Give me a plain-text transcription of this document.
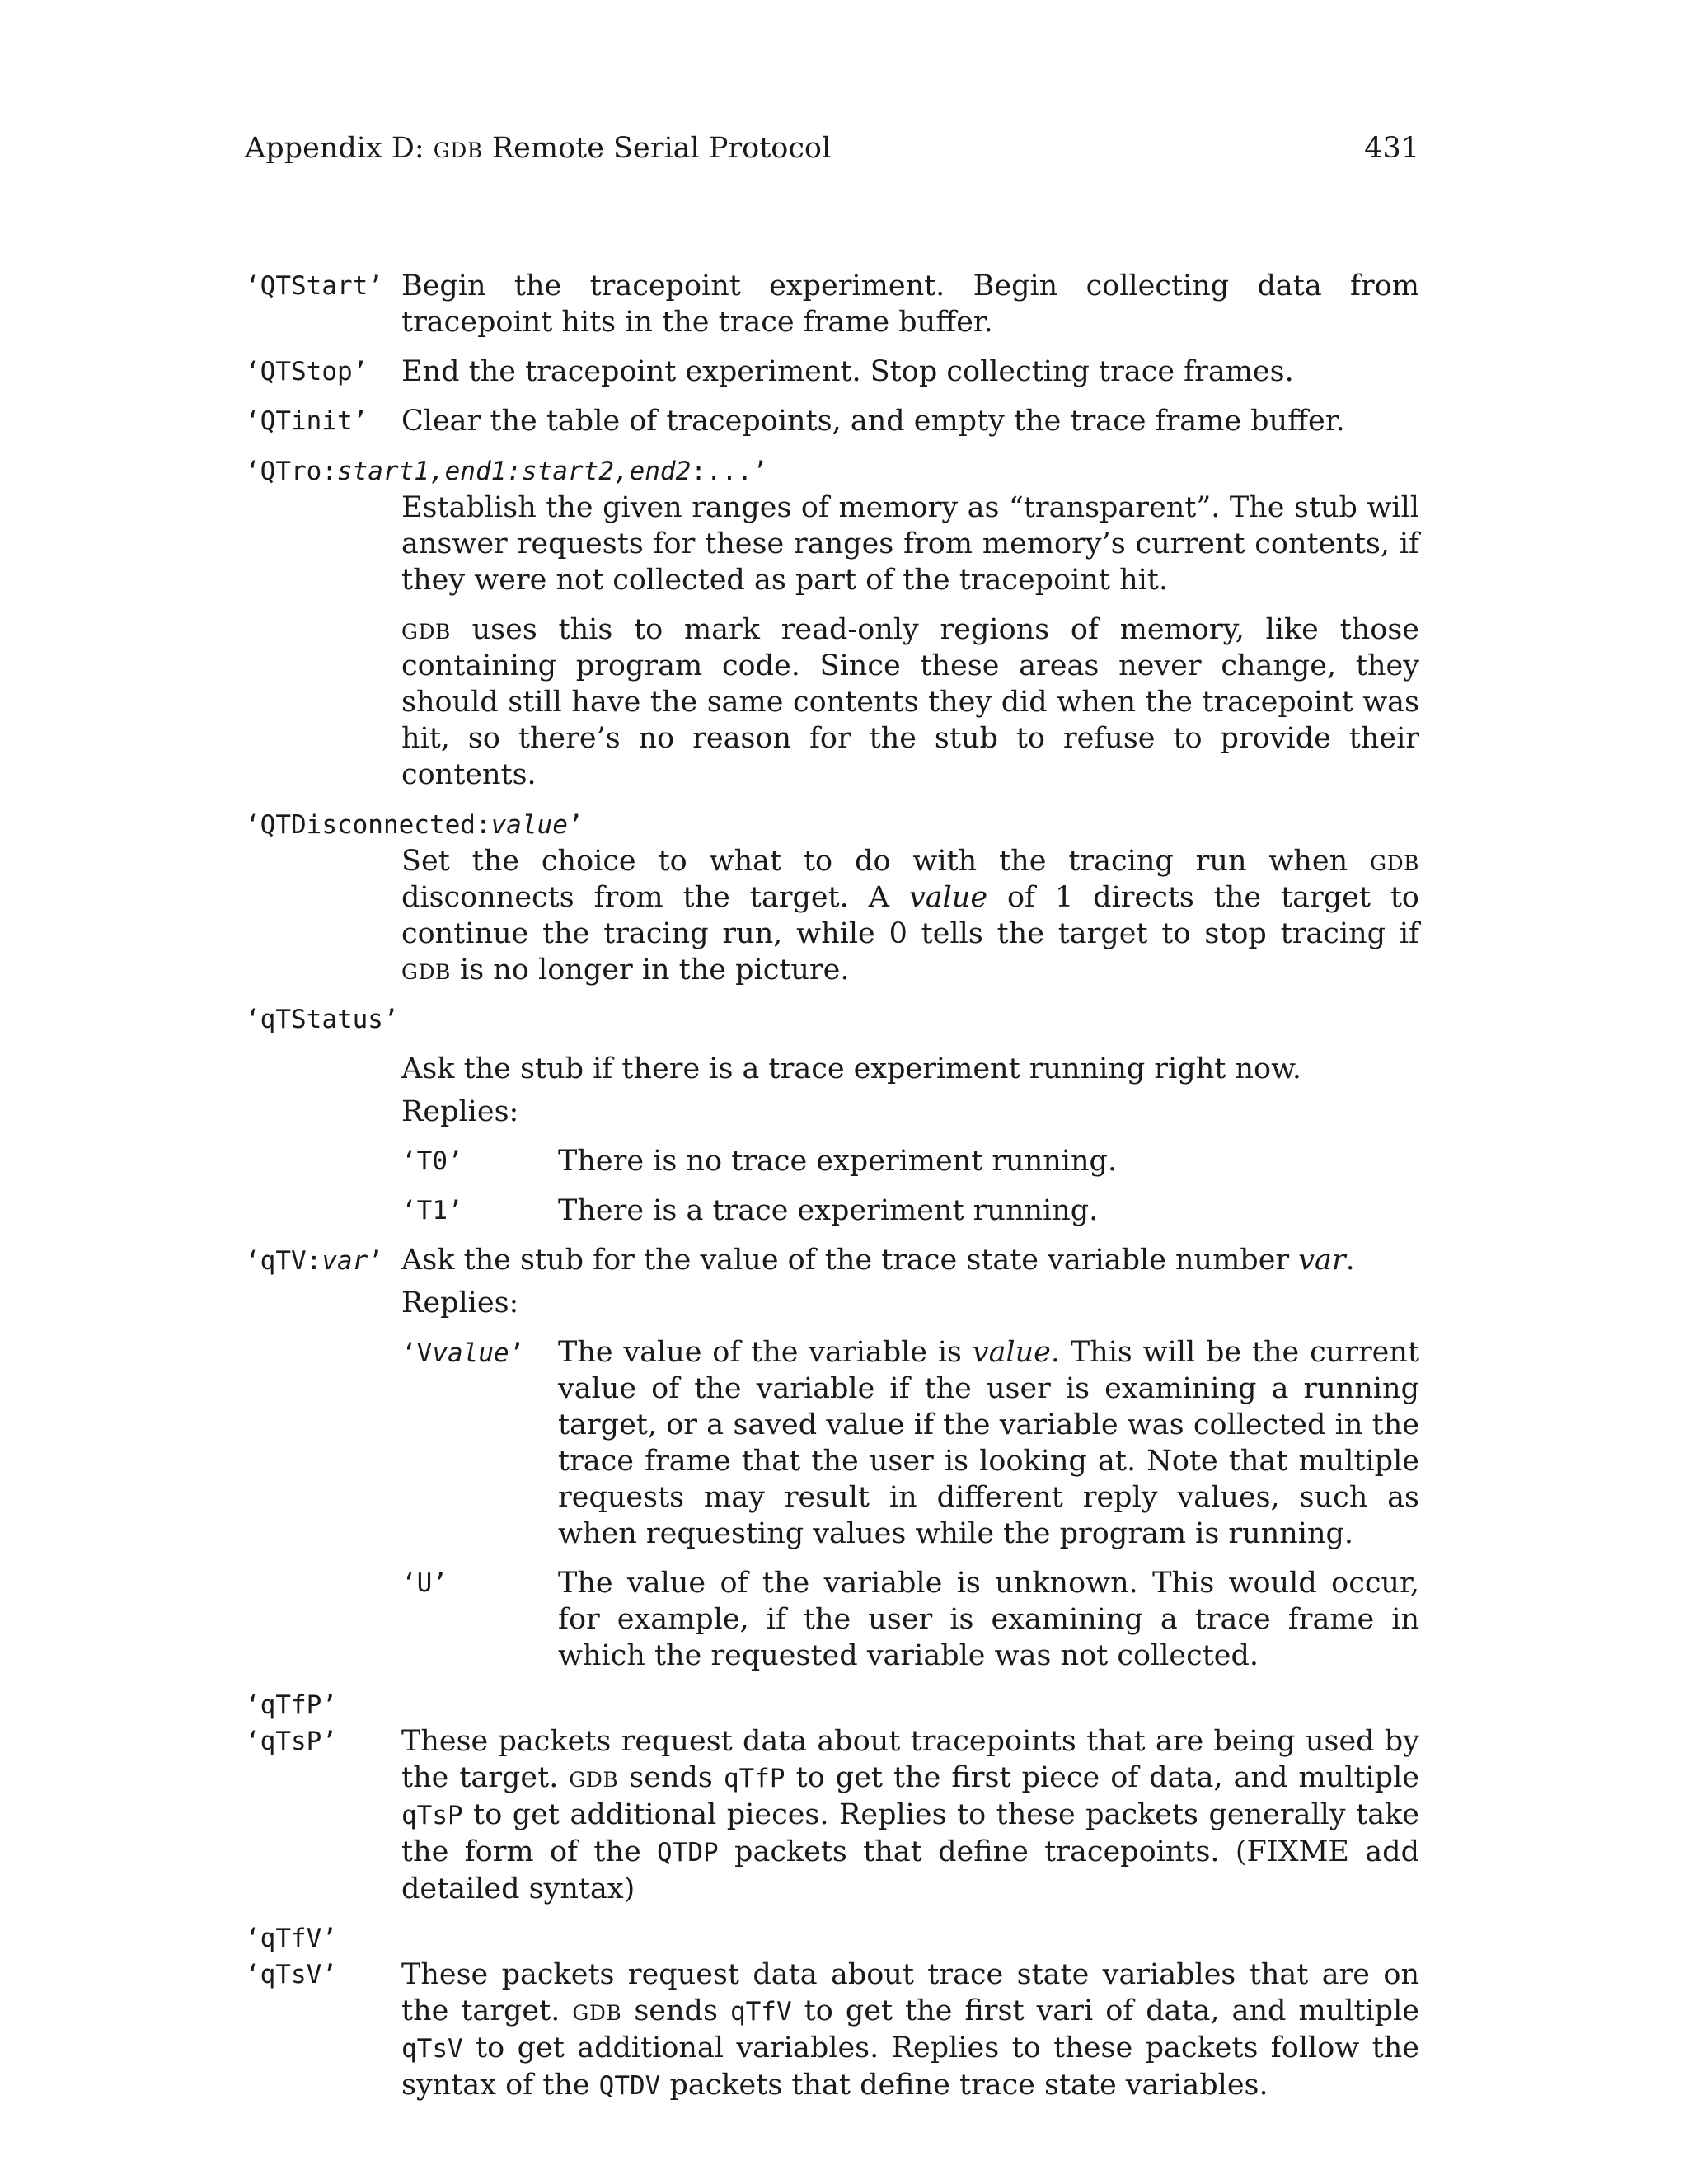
Appendix D: gdb Remote Serial Protocol	431
‘QTStart’ Begin the tracepoint experiment. Begin collecting data from tracepoint hits in the trace frame buffer.

‘QTStop’ End the tracepoint experiment. Stop collecting trace frames.

‘QTinit’ Clear the table of tracepoints, and empty the trace frame buffer.

‘QTro:start1,end1:start2,end2:...’

Establish the given ranges of memory as “transparent”. The stub will answer requests for these ranges from memory’s current contents, if they were not collected as part of the tracepoint hit.

gdb uses this to mark read-only regions of memory, like those containing program code. Since these areas never change, they should still have the same contents they did when the tracepoint was hit, so there’s no reason for the stub to refuse to provide their contents.

‘QTDisconnected:value’

Set the choice to what to do with the tracing run when gdb disconnects from the target. A value of 1 directs the target to continue the tracing run, while 0 tells the target to stop tracing if gdb is no longer in the picture.

‘qTStatus’

Ask the stub if there is a trace experiment running right now.

Replies:

‘T0’	There is no trace experiment running.

‘T1’	There is a trace experiment running.

‘qTV:var’ Ask the stub for the value of the trace state variable number var.

Replies:

‘Vvalue’ The value of the variable is value. This will be the current value of the variable if the user is examining a running target, or a saved value if the variable was collected in the trace frame that the user is looking at. Note that multiple requests may result in different reply values, such as when requesting values while the program is running.

‘U’	The value of the variable is unknown. This would occur, for example, if the user is examining a trace frame in which the requested variable was not collected.

‘qTfP’
‘qTsP’ These packets request data about tracepoints that are being used by the target. gdb sends qTfP to get the first piece of data, and multiple qTsP to get additional pieces. Replies to these packets generally take the form of the QTDP packets that define tracepoints. (FIXME add detailed syntax)

‘qTfV’
‘qTsV’ These packets request data about trace state variables that are on the target. gdb sends qTfV to get the first vari of data, and multiple qTsV to get additional variables. Replies to these packets follow the syntax of the QTDV packets that define trace state variables.
